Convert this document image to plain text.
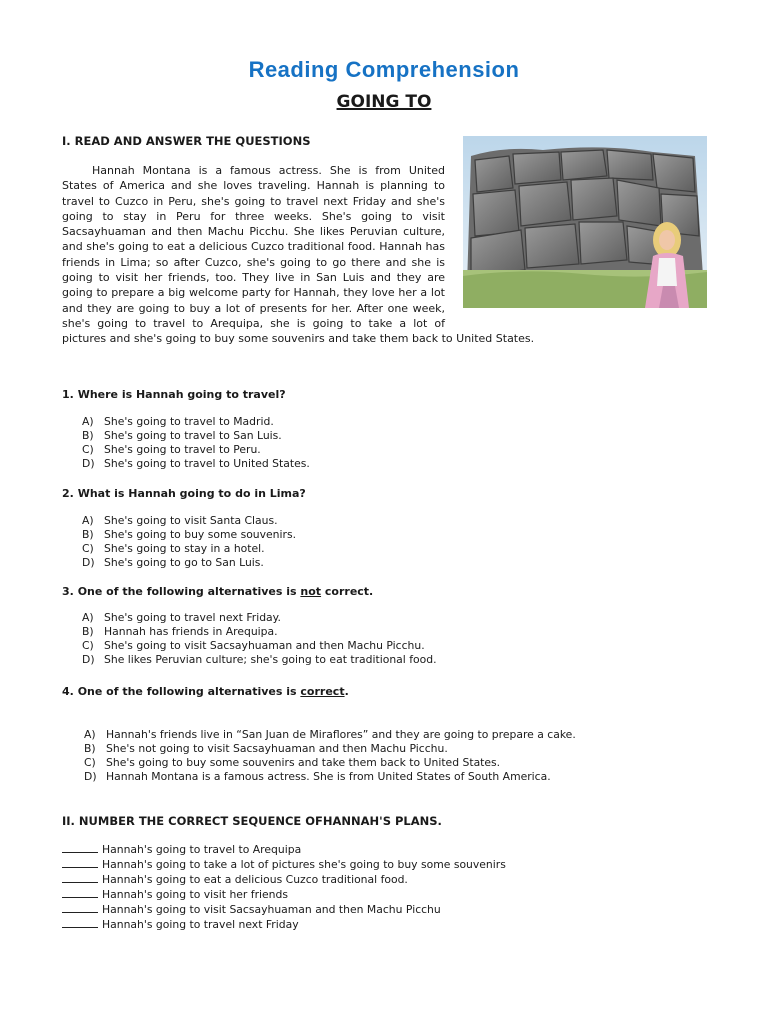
Reading Comprehension
GOING TO
I. READ AND ANSWER THE QUESTIONS
Hannah Montana is a famous actress. She is from United
States of America and she loves traveling. Hannah is planning to
travel to Cuzco in Peru, she's going to travel next Friday and she's
going to stay in Peru for three weeks. She's going to visit
Sacsayhuaman and then Machu Picchu. She likes Peruvian culture,
and she's going to eat a delicious Cuzco traditional food. Hannah has
friends in Lima; so after Cuzco, she's going to go there and she is
going to visit her friends, too. They live in San Luis and they are
going to prepare a big welcome party for Hannah, they love her a lot
and they are going to buy a lot of presents for her. After one week,
she's going to travel to Arequipa, she is going to take a lot of
pictures and she's going to buy some souvenirs and take them back to United States.
1. Where is Hannah going to travel?
A) She's going to travel to Madrid.
B) She's going to travel to San Luis.
C) She's going to travel to Peru.
D) She's going to travel to United States.
2. What is Hannah going to do in Lima?
A) She's going to visit Santa Claus.
B) She's going to buy some souvenirs.
C) She's going to stay in a hotel.
D) She's going to go to San Luis.
3. One of the following alternatives is not correct.
A) She's going to travel next Friday.
B) Hannah has friends in Arequipa.
C) She's going to visit Sacsayhuaman and then Machu Picchu.
D) She likes Peruvian culture; she's going to eat traditional food.
4. One of the following alternatives is correct.
A) Hannah's friends live in “San Juan de Miraflores” and they are going to prepare a cake.
B) She's not going to visit Sacsayhuaman and then Machu Picchu.
C) She's going to buy some souvenirs and take them back to United States.
D) Hannah Montana is a famous actress. She is from United States of South America.
II. NUMBER THE CORRECT SEQUENCE OFHANNAH'S PLANS.
Hannah's going to travel to Arequipa
Hannah's going to take a lot of pictures she's going to buy some souvenirs
Hannah's going to eat a delicious Cuzco traditional food.
Hannah's going to visit her friends
Hannah's going to visit Sacsayhuaman and then Machu Picchu
Hannah's going to travel next Friday
